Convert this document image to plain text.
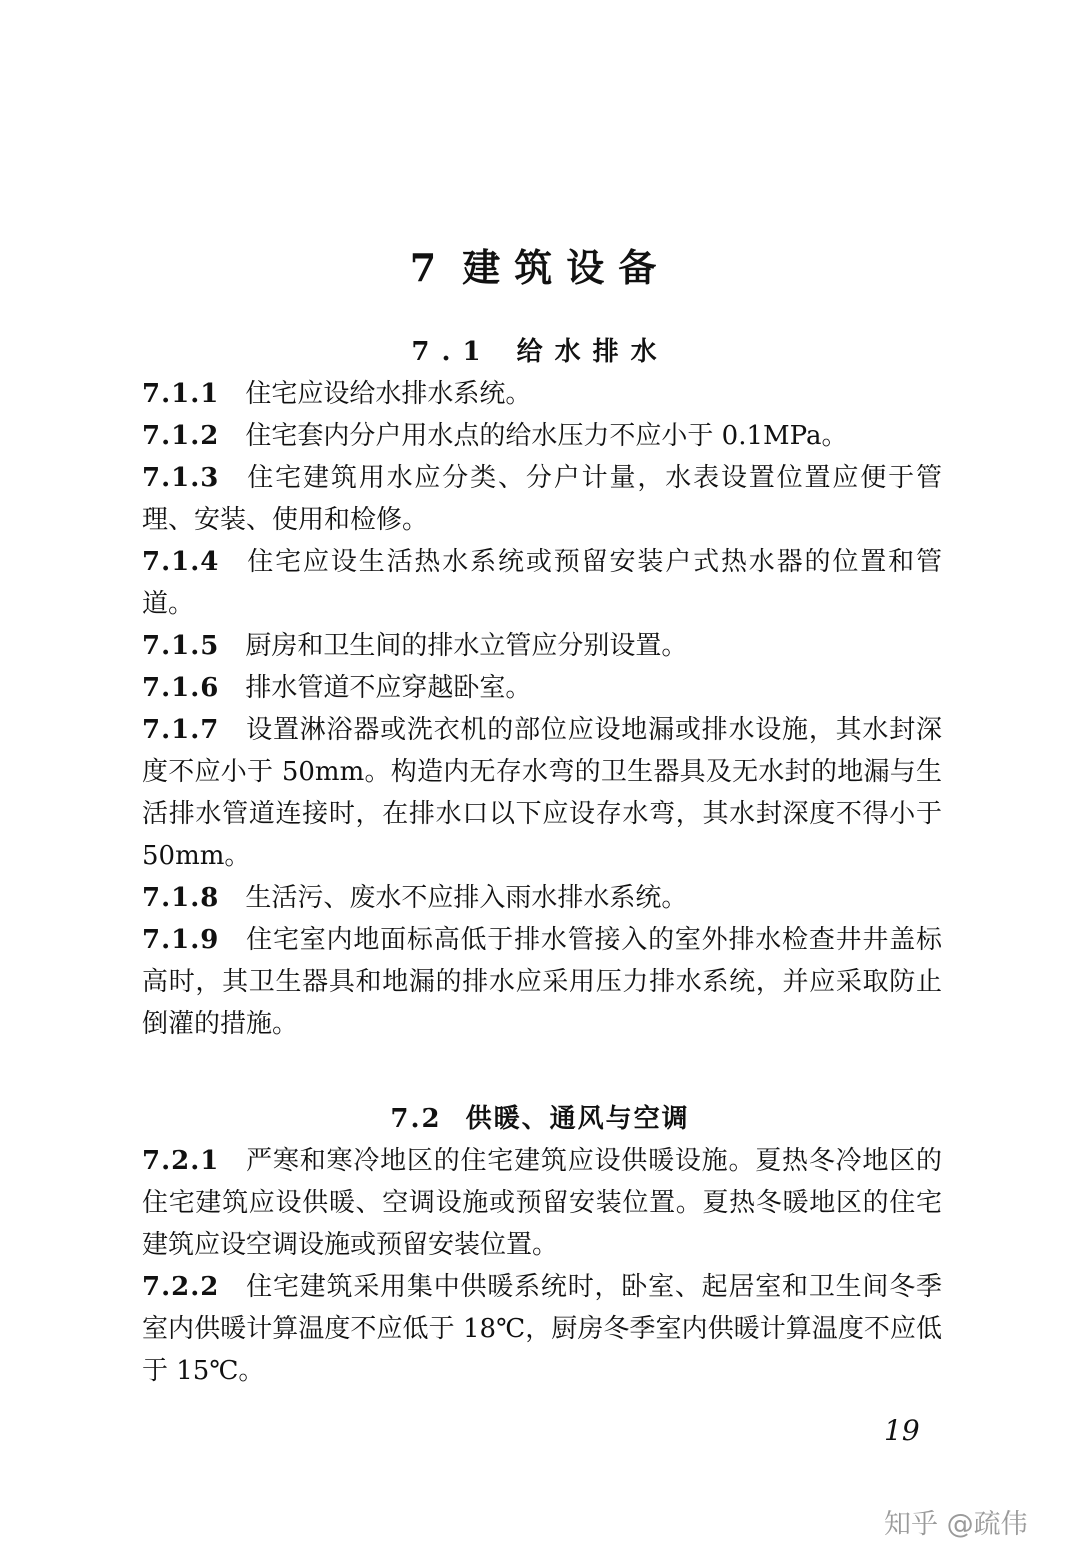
7 建筑设备
7.1 给水排水
7.1.1 住宅应设给水排水系统。
7.1.2 住宅套内分户用水点的给水压力不应小于 0.1MPa。
7.1.3 住宅建筑用水应分类、分户计量，水表设置位置应便于管理、安装、使用和检修。
7.1.4 住宅应设生活热水系统或预留安装户式热水器的位置和管道。
7.1.5 厨房和卫生间的排水立管应分别设置。
7.1.6 排水管道不应穿越卧室。
7.1.7 设置淋浴器或洗衣机的部位应设地漏或排水设施，其水封深度不应小于 50mm。构造内无存水弯的卫生器具及无水封的地漏与生活排水管道连接时，在排水口以下应设存水弯，其水封深度不得小于 50mm。
7.1.8 生活污、废水不应排入雨水排水系统。
7.1.9 住宅室内地面标高低于排水管接入的室外排水检查井井盖标高时，其卫生器具和地漏的排水应采用压力排水系统，并应采取防止倒灌的措施。
7.2 供暖、通风与空调
7.2.1 严寒和寒冷地区的住宅建筑应设供暖设施。夏热冬冷地区的住宅建筑应设供暖、空调设施或预留安装位置。夏热冬暖地区的住宅建筑应设空调设施或预留安装位置。
7.2.2 住宅建筑采用集中供暖系统时，卧室、起居室和卫生间冬季室内供暖计算温度不应低于 18℃，厨房冬季室内供暖计算温度不应低于 15℃。
19
知乎 @疏伟
